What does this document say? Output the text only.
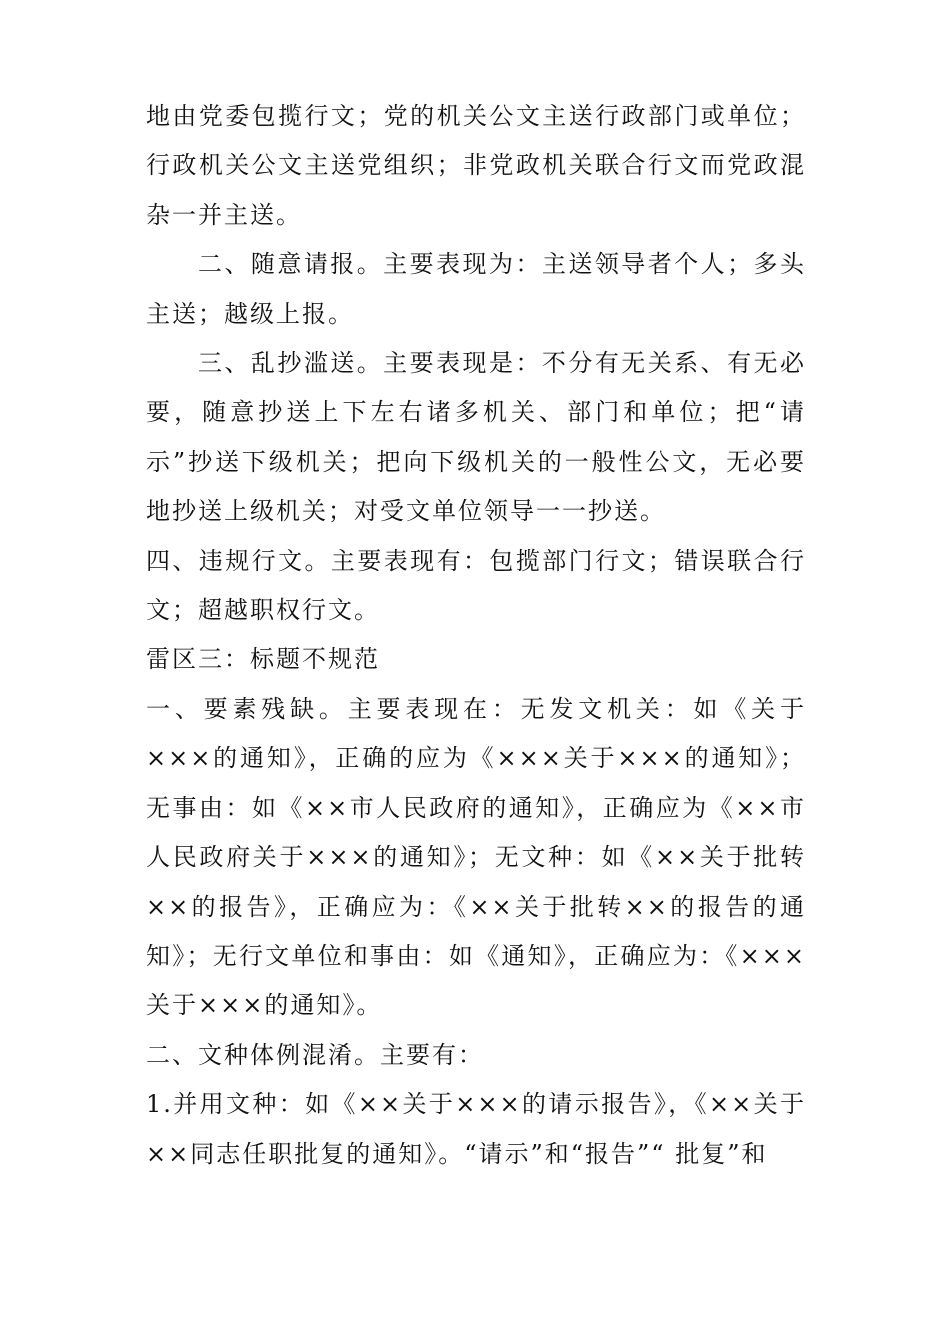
地由党委包揽行文；党的机关公文主送行政部门或单位；行政机关公文主送党组织；非党政机关联合行文而党政混杂一并主送。

二、随意请报。主要表现为：主送领导者个人；多头主送；越级上报。

三、乱抄滥送。主要表现是：不分有无关系、有无必要，随意抄送上下左右诸多机关、部门和单位；把“请示”抄送下级机关；把向下级机关的一般性公文，无必要地抄送上级机关；对受文单位领导一一抄送。

四、违规行文。主要表现有：包揽部门行文；错误联合行文；超越职权行文。

雷区三：标题不规范

一、要素残缺。主要表现在：无发文机关：如《关于×××的通知》，正确的应为《×××关于×××的通知》；无事由：如《××市人民政府的通知》，正确应为《××市人民政府关于×××的通知》；无文种：如《××关于批转××的报告》，正确应为：《××关于批转××的报告的通知》；无行文单位和事由：如《通知》，正确应为：《×××关于×××的通知》。

二、文种体例混淆。主要有：

1.并用文种：如《××关于×××的请示报告》，《××关于××同志任职批复的通知》。“请示”和“报告”“ 批复”和
